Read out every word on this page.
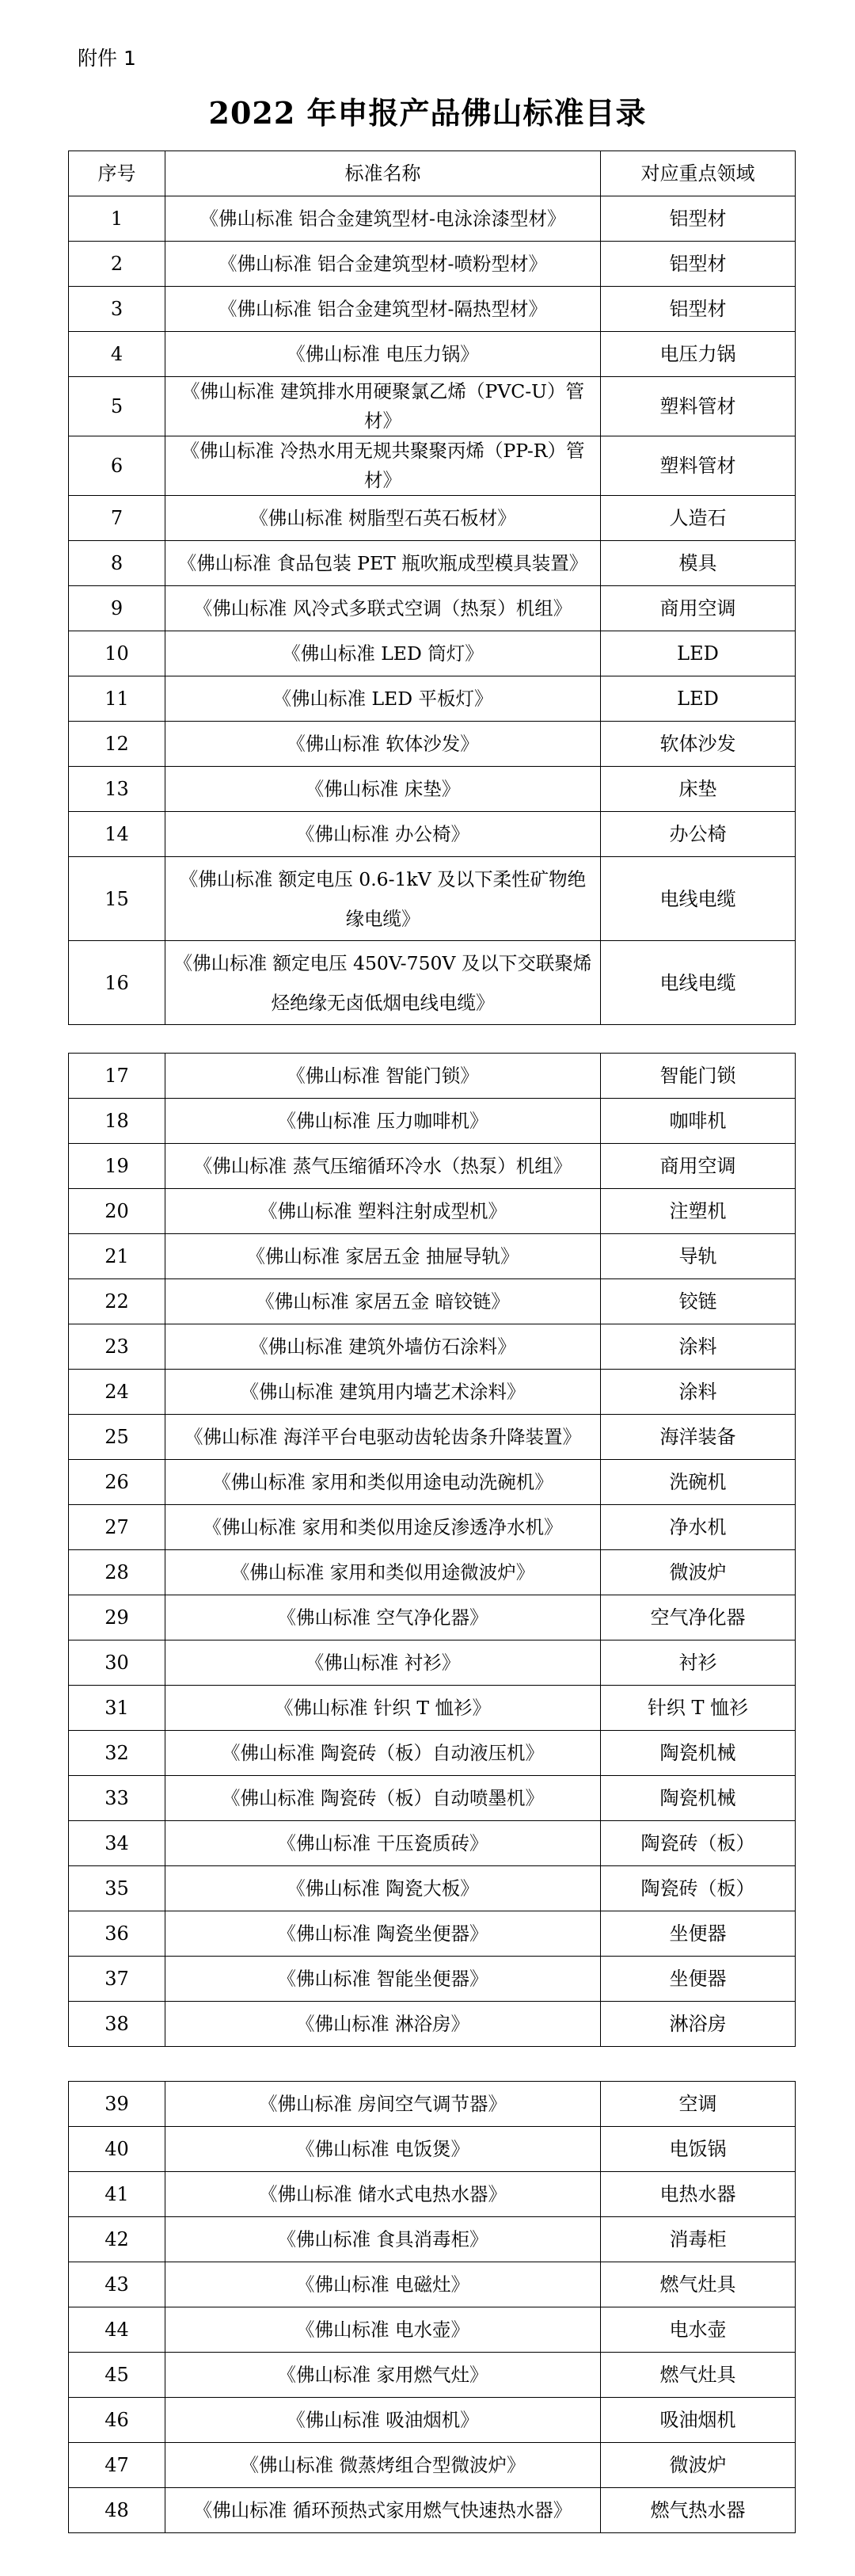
附件 1
2022 年申报产品佛山标准目录
序号	标准名称	对应重点领域
1	《佛山标准 铝合金建筑型材-电泳涂漆型材》	铝型材
2	《佛山标准 铝合金建筑型材-喷粉型材》	铝型材
3	《佛山标准 铝合金建筑型材-隔热型材》	铝型材
4	《佛山标准 电压力锅》	电压力锅
5	《佛山标准 建筑排水用硬聚氯乙烯（PVC-U）管材》	塑料管材
6	《佛山标准 冷热水用无规共聚聚丙烯（PP-R）管材》	塑料管材
7	《佛山标准 树脂型石英石板材》	人造石
8	《佛山标准 食品包装 PET 瓶吹瓶成型模具装置》	模具
9	《佛山标准 风冷式多联式空调（热泵）机组》	商用空调
10	《佛山标准 LED 筒灯》	LED
11	《佛山标准 LED 平板灯》	LED
12	《佛山标准 软体沙发》	软体沙发
13	《佛山标准 床垫》	床垫
14	《佛山标准 办公椅》	办公椅
15	《佛山标准 额定电压 0.6-1kV 及以下柔性矿物绝缘电缆》	电线电缆
16	《佛山标准 额定电压 450V-750V 及以下交联聚烯烃绝缘无卤低烟电线电缆》	电线电缆
17	《佛山标准 智能门锁》	智能门锁
18	《佛山标准 压力咖啡机》	咖啡机
19	《佛山标准 蒸气压缩循环冷水（热泵）机组》	商用空调
20	《佛山标准 塑料注射成型机》	注塑机
21	《佛山标准 家居五金 抽屉导轨》	导轨
22	《佛山标准 家居五金 暗铰链》	铰链
23	《佛山标准 建筑外墙仿石涂料》	涂料
24	《佛山标准 建筑用内墙艺术涂料》	涂料
25	《佛山标准 海洋平台电驱动齿轮齿条升降装置》	海洋装备
26	《佛山标准 家用和类似用途电动洗碗机》	洗碗机
27	《佛山标准 家用和类似用途反渗透净水机》	净水机
28	《佛山标准 家用和类似用途微波炉》	微波炉
29	《佛山标准 空气净化器》	空气净化器
30	《佛山标准 衬衫》	衬衫
31	《佛山标准 针织 T 恤衫》	针织 T 恤衫
32	《佛山标准 陶瓷砖（板）自动液压机》	陶瓷机械
33	《佛山标准 陶瓷砖（板）自动喷墨机》	陶瓷机械
34	《佛山标准 干压瓷质砖》	陶瓷砖（板）
35	《佛山标准 陶瓷大板》	陶瓷砖（板）
36	《佛山标准 陶瓷坐便器》	坐便器
37	《佛山标准 智能坐便器》	坐便器
38	《佛山标准 淋浴房》	淋浴房
39	《佛山标准 房间空气调节器》	空调
40	《佛山标准 电饭煲》	电饭锅
41	《佛山标准 储水式电热水器》	电热水器
42	《佛山标准 食具消毒柜》	消毒柜
43	《佛山标准 电磁灶》	燃气灶具
44	《佛山标准 电水壶》	电水壶
45	《佛山标准 家用燃气灶》	燃气灶具
46	《佛山标准 吸油烟机》	吸油烟机
47	《佛山标准 微蒸烤组合型微波炉》	微波炉
48	《佛山标准 循环预热式家用燃气快速热水器》	燃气热水器
